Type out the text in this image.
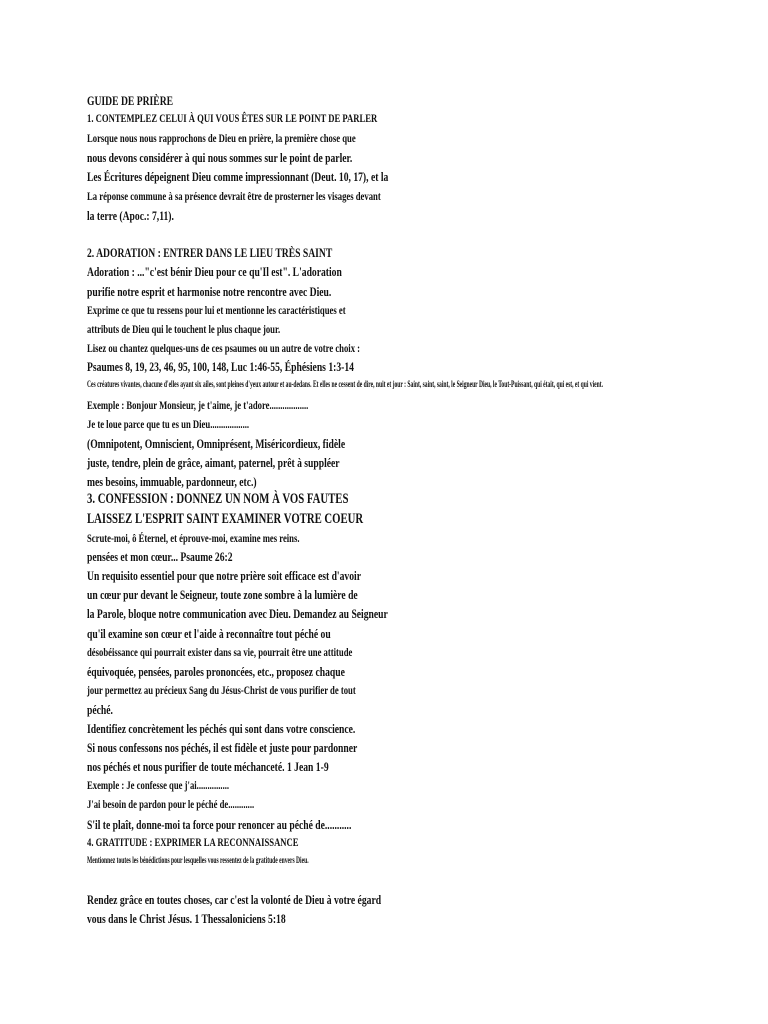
GUIDE DE PRIÈRE
1. CONTEMPLEZ CELUI À QUI VOUS ÊTES SUR LE POINT DE PARLER
Lorsque nous nous rapprochons de Dieu en prière, la première chose que
nous devons considérer à qui nous sommes sur le point de parler.
Les Écritures dépeignent Dieu comme impressionnant (Deut. 10, 17), et la
La réponse commune à sa présence devrait être de prosterner les visages devant
la terre (Apoc.: 7,11).
2. ADORATION : ENTRER DANS LE LIEU TRÈS SAINT
Adoration : ..."c'est bénir Dieu pour ce qu'Il est". L'adoration
purifie notre esprit et harmonise notre rencontre avec Dieu.
Exprime ce que tu ressens pour lui et mentionne les caractéristiques et
attributs de Dieu qui le touchent le plus chaque jour.
Lisez ou chantez quelques-uns de ces psaumes ou un autre de votre choix :
Psaumes 8, 19, 23, 46, 95, 100, 148, Luc 1:46-55, Éphésiens 1:3-14
Ces créatures vivantes, chacune d'elles ayant six ailes, sont pleines d'yeux autour et au-dedans. Et elles ne cessent de dire, nuit et jour : Saint, saint, saint, le Seigneur Dieu, le Tout-Puissant, qui était, qui est, et qui vient.
Exemple : Bonjour Monsieur, je t'aime, je t'adore..................
Je te loue parce que tu es un Dieu..................
(Omnipotent, Omniscient, Omniprésent, Miséricordieux, fidèle
juste, tendre, plein de grâce, aimant, paternel, prêt à suppléer
mes besoins, immuable, pardonneur, etc.)
3. CONFESSION : DONNEZ UN NOM À VOS FAUTES
LAISSEZ L'ESPRIT SAINT EXAMINER VOTRE COEUR
Scrute-moi, ô Éternel, et éprouve-moi, examine mes reins.
pensées et mon cœur... Psaume 26:2
Un requisito essentiel pour que notre prière soit efficace est d'avoir
un cœur pur devant le Seigneur, toute zone sombre à la lumière de
la Parole, bloque notre communication avec Dieu. Demandez au Seigneur
qu'il examine son cœur et l'aide à reconnaître tout péché ou
désobéissance qui pourrait exister dans sa vie, pourrait être une attitude
équivoquée, pensées, paroles prononcées, etc., proposez chaque
jour permettez au précieux Sang du Jésus-Christ de vous purifier de tout
péché.
Identifiez concrètement les péchés qui sont dans votre conscience.
Si nous confessons nos péchés, il est fidèle et juste pour pardonner
nos péchés et nous purifier de toute méchanceté. 1 Jean 1-9
Exemple : Je confesse que j'ai...............
J'ai besoin de pardon pour le péché de............
S'il te plaît, donne-moi ta force pour renoncer au péché de...........
4. GRATITUDE : EXPRIMER LA RECONNAISSANCE
Mentionnez toutes les bénédictions pour lesquelles vous ressentez de la gratitude envers Dieu.
Rendez grâce en toutes choses, car c'est la volonté de Dieu à votre égard
vous dans le Christ Jésus. 1 Thessaloniciens 5:18
